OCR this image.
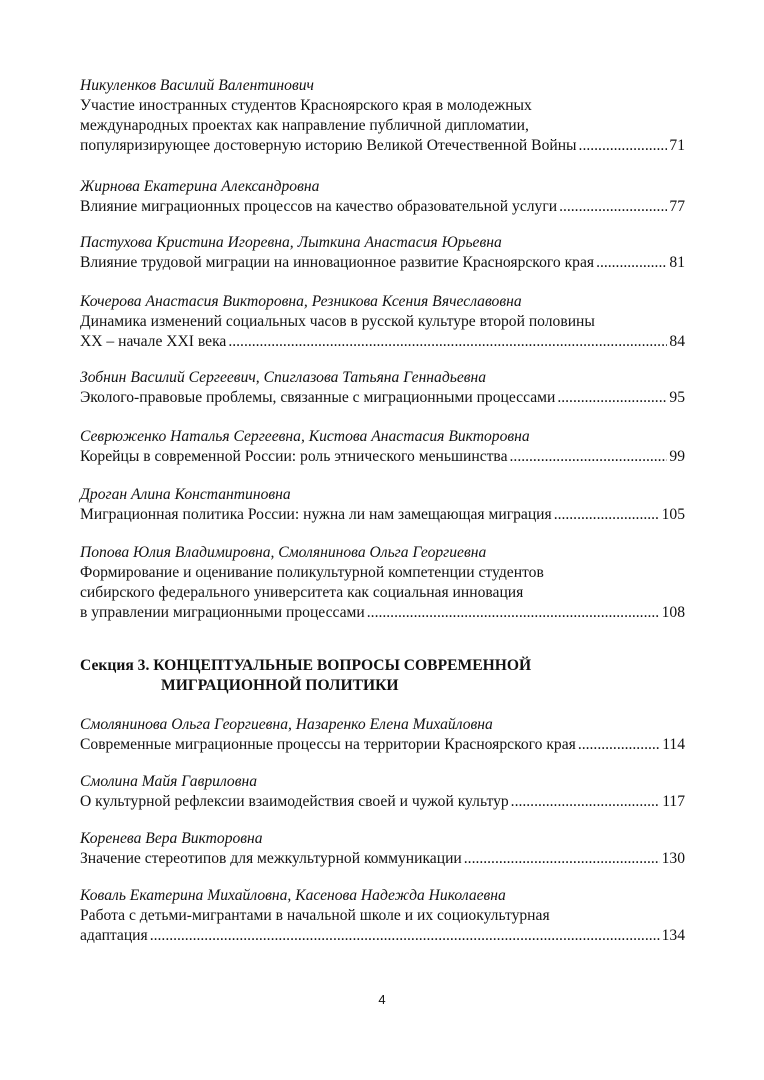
Никуленков Василий Валентинович
Участие иностранных студентов Красноярского края в молодежных
международных проектах как направление публичной дипломатии,
популяризирующее достоверную историю Великой Отечественной Войны .....	71
Жирнова Екатерина Александровна
Влияние миграционных процессов на качество образовательной услуги .....	77
Пастухова Кристина Игоревна, Лыткина Анастасия Юрьевна
Влияние трудовой миграции на инновационное развитие Красноярского края .....	81
Кочерова Анастасия Викторовна, Резникова Ксения Вячеславовна
Динамика изменений социальных часов в русской культуре второй половины
XX – начале XXI века .....	84
Зобнин Василий Сергеевич, Спиглазова Татьяна Геннадьевна
Эколого-правовые проблемы, связанные с миграционными процессами .....	95
Севрюженко Наталья Сергеевна, Кистова Анастасия Викторовна
Корейцы в современной России: роль этнического меньшинства .....	99
Дроган Алина Константиновна
Миграционная политика России: нужна ли нам замещающая миграция .....	105
Попова Юлия Владимировна, Смолянинова Ольга Георгиевна
Формирование и оценивание поликультурной компетенции студентов
сибирского федерального университета как социальная инновация
в управлении миграционными процессами .....	108
Секция 3. КОНЦЕПТУАЛЬНЫЕ ВОПРОСЫ СОВРЕМЕННОЙ
МИГРАЦИОННОЙ ПОЛИТИКИ
Смолянинова Ольга Георгиевна, Назаренко Елена Михайловна
Современные миграционные процессы на территории Красноярского края .....	114
Смолина Майя Гавриловна
О культурной рефлексии взаимодействия своей и чужой культур .....	117
Коренева Вера Викторовна
Значение стереотипов для межкультурной коммуникации .....	130
Коваль Екатерина Михайловна, Касенова Надежда Николаевна
Работа с детьми-мигрантами в начальной школе и их социокультурная
адаптация .....	134
4
